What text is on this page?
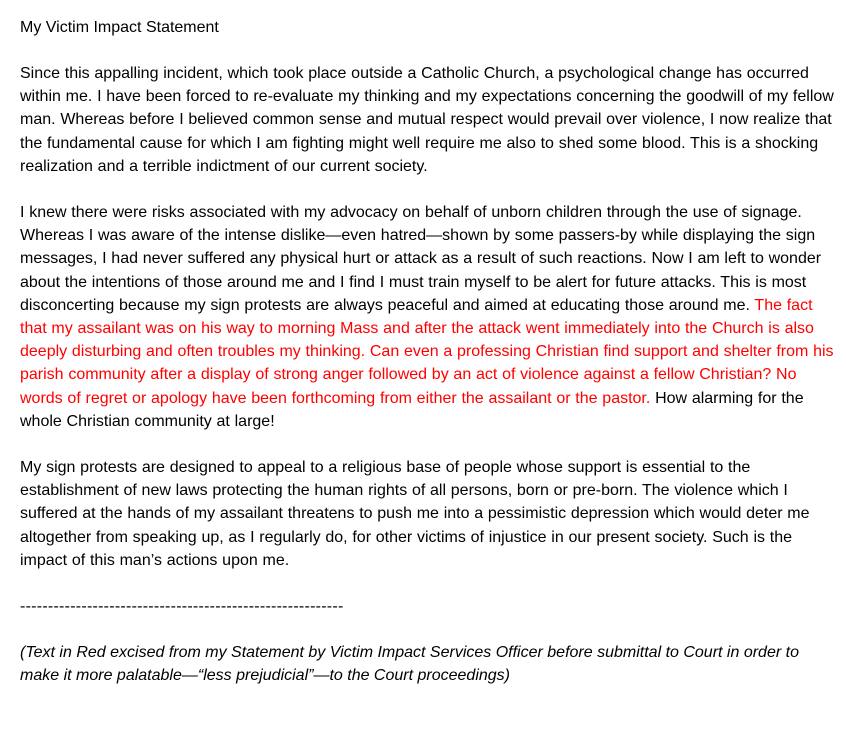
My Victim Impact Statement

Since this appalling incident, which took place outside a Catholic Church, a psychological change has occurred within me. I have been forced to re-evaluate my thinking and my expectations concerning the goodwill of my fellow man. Whereas before I believed common sense and mutual respect would prevail over violence, I now realize that the fundamental cause for which I am fighting might well require me also to shed some blood. This is a shocking realization and a terrible indictment of our current society.

I knew there were risks associated with my advocacy on behalf of unborn children through the use of signage. Whereas I was aware of the intense dislike—even hatred—shown by some passers-by while displaying the sign messages, I had never suffered any physical hurt or attack as a result of such reactions. Now I am left to wonder about the intentions of those around me and I find I must train myself to be alert for future attacks. This is most disconcerting because my sign protests are always peaceful and aimed at educating those around me. The fact that my assailant was on his way to morning Mass and after the attack went immediately into the Church is also deeply disturbing and often troubles my thinking. Can even a professing Christian find support and shelter from his parish community after a display of strong anger followed by an act of violence against a fellow Christian? No words of regret or apology have been forthcoming from either the assailant or the pastor. How alarming for the whole Christian community at large!

My sign protests are designed to appeal to a religious base of people whose support is essential to the establishment of new laws protecting the human rights of all persons, born or pre-born. The violence which I suffered at the hands of my assailant threatens to push me into a pessimistic depression which would deter me altogether from speaking up, as I regularly do, for other victims of injustice in our present society. Such is the impact of this man’s actions upon me.

----------------------------------------------------------

(Text in Red excised from my Statement by Victim Impact Services Officer before submittal to Court in order to make it more palatable—“less prejudicial”—to the Court proceedings)
